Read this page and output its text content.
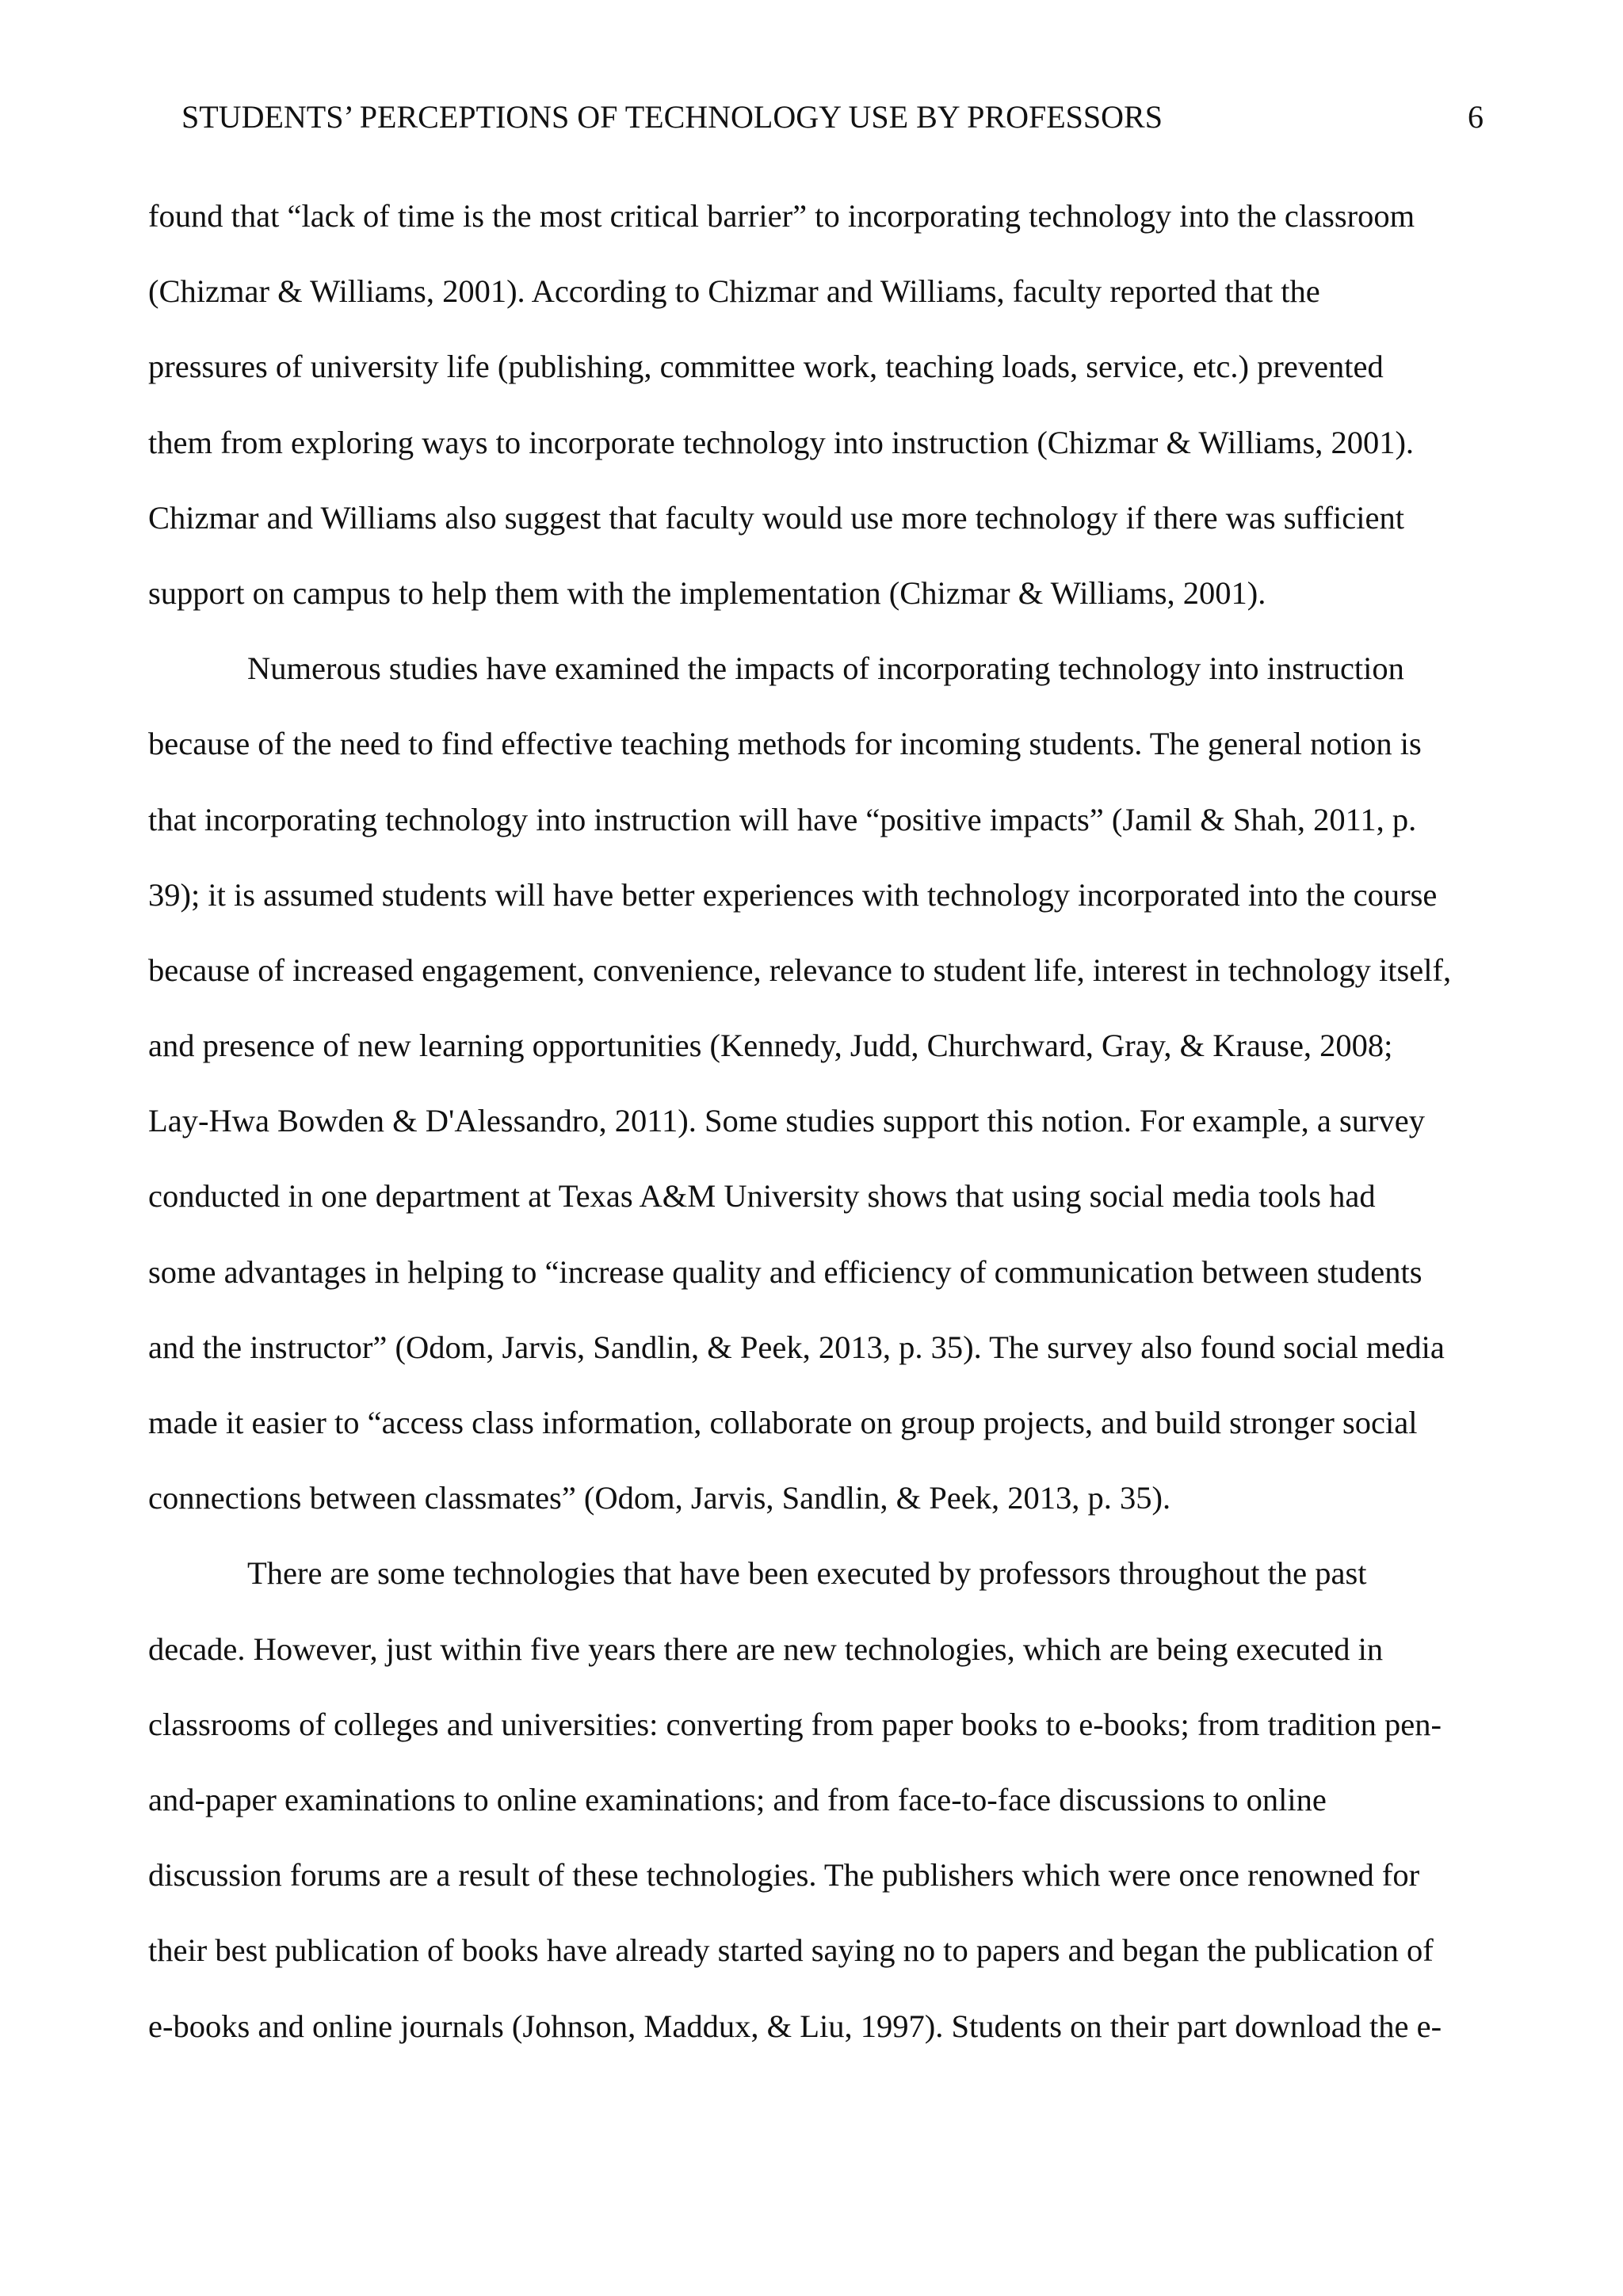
STUDENTS’ PERCEPTIONS OF TECHNOLOGY USE BY PROFESSORS	6
found that “lack of time is the most critical barrier” to incorporating technology into the classroom
(Chizmar & Williams, 2001). According to Chizmar and Williams, faculty reported that the
pressures of university life (publishing, committee work, teaching loads, service, etc.) prevented
them from exploring ways to incorporate technology into instruction (Chizmar & Williams, 2001).
Chizmar and Williams also suggest that faculty would use more technology if there was sufficient
support on campus to help them with the implementation (Chizmar & Williams, 2001).
Numerous studies have examined the impacts of incorporating technology into instruction
because of the need to find effective teaching methods for incoming students. The general notion is
that incorporating technology into instruction will have “positive impacts” (Jamil & Shah, 2011, p.
39); it is assumed students will have better experiences with technology incorporated into the course
because of increased engagement, convenience, relevance to student life, interest in technology itself,
and presence of new learning opportunities (Kennedy, Judd, Churchward, Gray, & Krause, 2008;
Lay-Hwa Bowden & D'Alessandro, 2011). Some studies support this notion. For example, a survey
conducted in one department at Texas A&M University shows that using social media tools had
some advantages in helping to “increase quality and efficiency of communication between students
and the instructor” (Odom, Jarvis, Sandlin, & Peek, 2013, p. 35). The survey also found social media
made it easier to “access class information, collaborate on group projects, and build stronger social
connections between classmates” (Odom, Jarvis, Sandlin, & Peek, 2013, p. 35).
There are some technologies that have been executed by professors throughout the past
decade. However, just within five years there are new technologies, which are being executed in
classrooms of colleges and universities: converting from paper books to e-books; from tradition pen-
and-paper examinations to online examinations; and from face-to-face discussions to online
discussion forums are a result of these technologies. The publishers which were once renowned for
their best publication of books have already started saying no to papers and began the publication of
e-books and online journals (Johnson, Maddux, & Liu, 1997). Students on their part download the e-
